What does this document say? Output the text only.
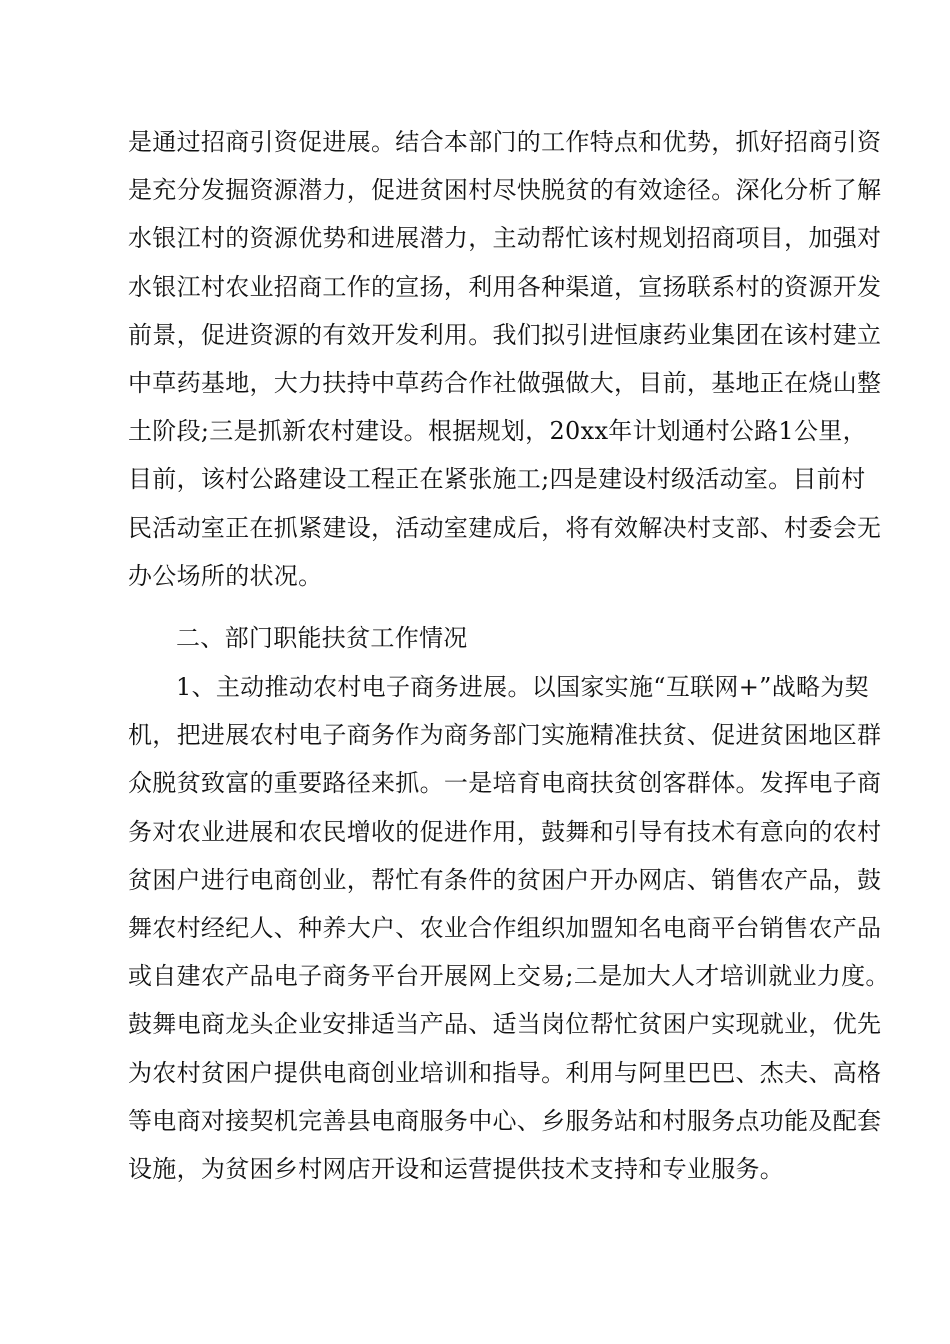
是通过招商引资促进展。结合本部门的工作特点和优势，抓好招商引资
是充分发掘资源潜力，促进贫困村尽快脱贫的有效途径。深化分析了解
水银江村的资源优势和进展潜力，主动帮忙该村规划招商项目，加强对
水银江村农业招商工作的宣扬，利用各种渠道，宣扬联系村的资源开发
前景，促进资源的有效开发利用。我们拟引进恒康药业集团在该村建立
中草药基地，大力扶持中草药合作社做强做大，目前，基地正在烧山整
土阶段;三是抓新农村建设。根据规划，20xx年计划通村公路1公里，
目前，该村公路建设工程正在紧张施工;四是建设村级活动室。目前村
民活动室正在抓紧建设，活动室建成后，将有效解决村支部、村委会无
办公场所的状况。
二、部门职能扶贫工作情况
1、主动推动农村电子商务进展。以国家实施“互联网+”战略为契
机，把进展农村电子商务作为商务部门实施精准扶贫、促进贫困地区群
众脱贫致富的重要路径来抓。一是培育电商扶贫创客群体。发挥电子商
务对农业进展和农民增收的促进作用，鼓舞和引导有技术有意向的农村
贫困户进行电商创业，帮忙有条件的贫困户开办网店、销售农产品，鼓
舞农村经纪人、种养大户、农业合作组织加盟知名电商平台销售农产品
或自建农产品电子商务平台开展网上交易;二是加大人才培训就业力度。
鼓舞电商龙头企业安排适当产品、适当岗位帮忙贫困户实现就业，优先
为农村贫困户提供电商创业培训和指导。利用与阿里巴巴、杰夫、高格
等电商对接契机完善县电商服务中心、乡服务站和村服务点功能及配套
设施，为贫困乡村网店开设和运营提供技术支持和专业服务。
